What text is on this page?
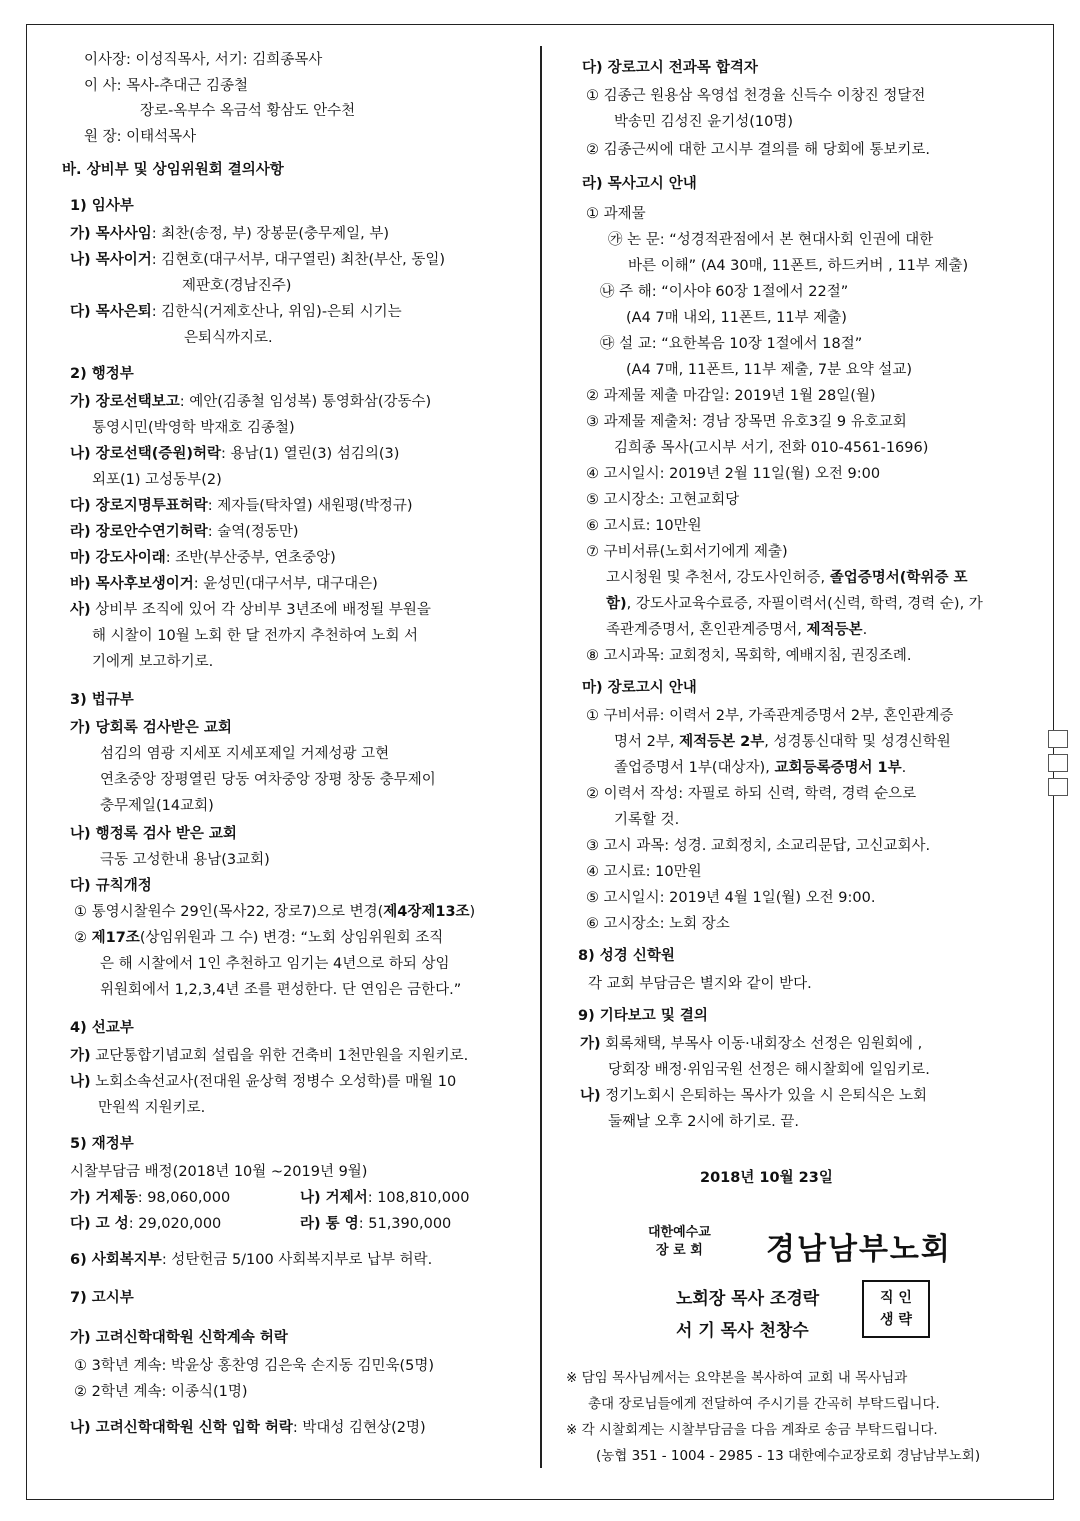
이사장: 이성직목사, 서기: 김희종목사
이 사: 목사-추대근 김종철
장로-옥부수 옥금석 황삼도 안수천
원 장: 이태석목사
바. 상비부 및 상임위원회 결의사항
1) 임사부
가) 목사사임: 최찬(송정, 부) 장봉문(충무제일, 부)
나) 목사이거: 김현호(대구서부, 대구열린) 최찬(부산, 동일)
제판호(경남진주)
다) 목사은퇴: 김한식(거제호산나, 위임)-은퇴 시기는
은퇴식까지로.
2) 행정부
가) 장로선택보고: 예안(김종철 임성복) 통영화삼(강동수)
통영시민(박영학 박재호 김종철)
나) 장로선택(증원)허락: 용남(1) 열린(3) 섬김의(3)
외포(1) 고성동부(2)
다) 장로지명투표허락: 제자들(탁차열) 새원평(박정규)
라) 장로안수연기허락: 술역(정동만)
마) 강도사이래: 조반(부산중부, 연초중앙)
바) 목사후보생이거: 윤성민(대구서부, 대구대은)
사) 상비부 조직에 있어 각 상비부 3년조에 배정될 부원을
해 시찰이 10월 노회 한 달 전까지 추천하여 노회 서
기에게 보고하기로.
3) 법규부
가) 당회록 검사받은 교회
섬김의 염광 지세포 지세포제일 거제성광 고현
연초중앙 장평열린 당동 여차중앙 장평 창동 충무제이
충무제일(14교회)
나) 행정록 검사 받은 교회
극동 고성한내 용남(3교회)
다) 규칙개정
① 통영시찰원수 29인(목사22, 장로7)으로 변경(제4장제13조)
② 제17조(상임위원과 그 수) 변경: “노회 상임위원회 조직
은 해 시찰에서 1인 추천하고 임기는 4년으로 하되 상임
위원회에서 1,2,3,4년 조를 편성한다. 단 연임은 금한다.”
4) 선교부
가) 교단통합기념교회 설립을 위한 건축비 1천만원을 지원키로.
나) 노회소속선교사(전대원 윤상혁 정병수 오성학)를 매월 10
만원씩 지원키로.
5) 재정부
시찰부담금 배정(2018년 10월 ~2019년 9월)
가) 거제동: 98,060,000	나) 거제서: 108,810,000
다) 고 성: 29,020,000	라) 통 영: 51,390,000
6) 사회복지부: 성탄헌금 5/100 사회복지부로 납부 허락.
7) 고시부
가) 고려신학대학원 신학계속 허락
① 3학년 계속: 박윤상 홍찬영 김은욱 손지동 김민욱(5명)
② 2학년 계속: 이종식(1명)
나) 고려신학대학원 신학 입학 허락: 박대성 김현상(2명)
다) 장로고시 전과목 합격자
① 김종근 원용삼 옥영섭 천경율 신득수 이창진 정달전
박송민 김성진 윤기성(10명)
② 김종근씨에 대한 고시부 결의를 해 당회에 통보키로.
라) 목사고시 안내
① 과제물
㉮ 논 문: “성경적관점에서 본 현대사회 인권에 대한
바른 이해” (A4 30매, 11폰트, 하드커버 , 11부 제출)
㉯ 주 해: “이사야 60장 1절에서 22절”
(A4 7매 내외, 11폰트, 11부 제출)
㉰ 설 교: “요한복음 10장 1절에서 18절”
(A4 7매, 11폰트, 11부 제출, 7분 요약 설교)
② 과제물 제출 마감일: 2019년 1월 28일(월)
③ 과제물 제출처: 경남 장목면 유호3길 9 유호교회
김희종 목사(고시부 서기, 전화 010-4561-1696)
④ 고시일시: 2019년 2월 11일(월) 오전 9:00
⑤ 고시장소: 고현교회당
⑥ 고시료: 10만원
⑦ 구비서류(노회서기에게 제출)
고시청원 및 추천서, 강도사인허증, 졸업증명서(학위증 포
함), 강도사교육수료증, 자필이력서(신력, 학력, 경력 순), 가
족관계증명서, 혼인관계증명서, 제적등본.
⑧ 고시과목: 교회정치, 목회학, 예배지침, 권징조례.
마) 장로고시 안내
① 구비서류: 이력서 2부, 가족관계증명서 2부, 혼인관계증
명서 2부, 제적등본 2부, 성경통신대학 및 성경신학원
졸업증명서 1부(대상자), 교회등록증명서 1부.
② 이력서 작성: 자필로 하되 신력, 학력, 경력 순으로
기록할 것.
③ 고시 과목: 성경. 교회정치, 소교리문답, 고신교회사.
④ 고시료: 10만원
⑤ 고시일시: 2019년 4월 1일(월) 오전 9:00.
⑥ 고시장소: 노회 장소
8) 성경 신학원
각 교회 부담금은 별지와 같이 받다.
9) 기타보고 및 결의
가) 회록채택, 부목사 이동·내회장소 선정은 임원회에 ,
당회장 배정·위임국원 선정은 해시찰회에 일임키로.
나) 정기노회시 은퇴하는 목사가 있을 시 은퇴식은 노회
둘째날 오후 2시에 하기로. 끝.
2018년 10월 23일
대한예수교
장 로 회 경남남부노회
노회장 목사 조경락
서 기 목사 천창수
직 인
생 략
※ 담임 목사님께서는 요약본을 복사하여 교회 내 목사님과
총대 장로님들에게 전달하여 주시기를 간곡히 부탁드립니다.
※ 각 시찰회계는 시찰부담금을 다음 계좌로 송금 부탁드립니다.
(농협 351 - 1004 - 2985 - 13 대한예수교장로회 경남남부노회)
